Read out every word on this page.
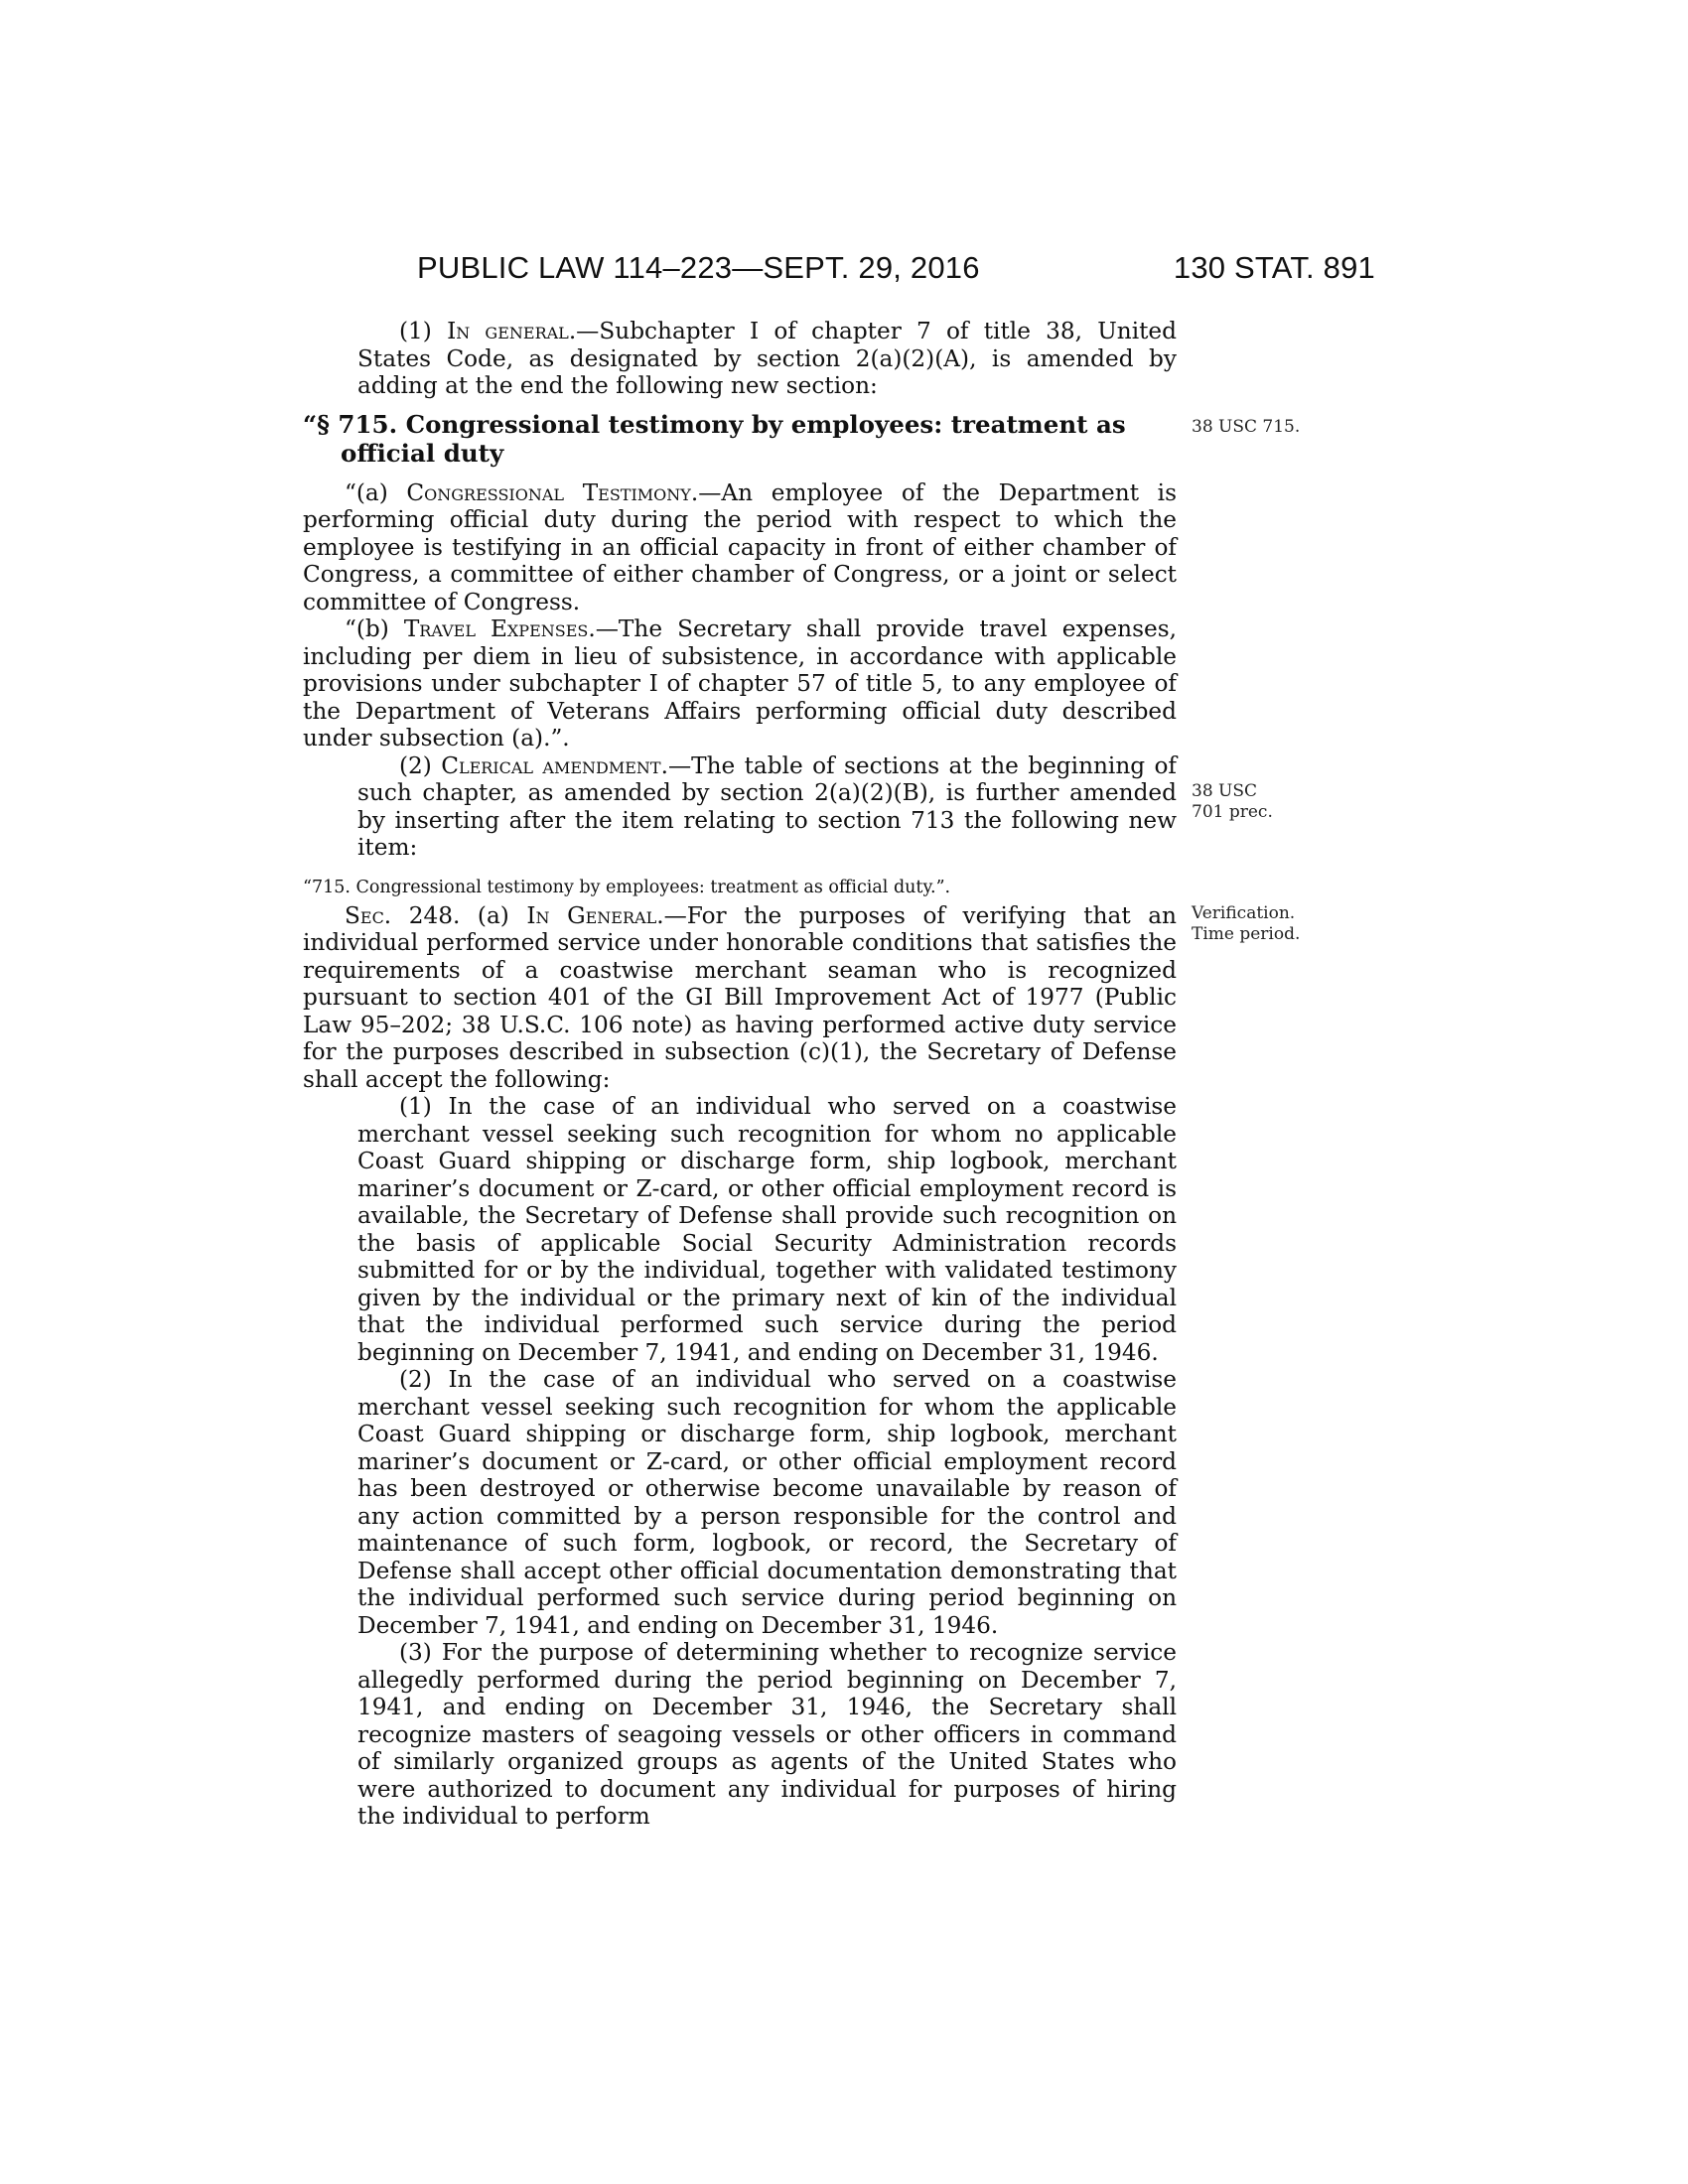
PUBLIC LAW 114–223—SEPT. 29, 2016	130 STAT. 891
38 USC 715.
38 USC
701 prec.
Verification.
Time period.

(1) In general.—Subchapter I of chapter 7 of title 38, United States Code, as designated by section 2(a)(2)(A), is amended by adding at the end the following new section:

“§ 715. Congressional testimony by employees: treatment as official duty

“(a) Congressional Testimony.—An employee of the Department is performing official duty during the period with respect to which the employee is testifying in an official capacity in front of either chamber of Congress, a committee of either chamber of Congress, or a joint or select committee of Congress.

“(b) Travel Expenses.—The Secretary shall provide travel expenses, including per diem in lieu of subsistence, in accordance with applicable provisions under subchapter I of chapter 57 of title 5, to any employee of the Department of Veterans Affairs performing official duty described under subsection (a).”.

(2) Clerical amendment.—The table of sections at the beginning of such chapter, as amended by section 2(a)(2)(B), is further amended by inserting after the item relating to section 713 the following new item:

“715. Congressional testimony by employees: treatment as official duty.”.

Sec. 248. (a) In General.—For the purposes of verifying that an individual performed service under honorable conditions that satisfies the requirements of a coastwise merchant seaman who is recognized pursuant to section 401 of the GI Bill Improvement Act of 1977 (Public Law 95–202; 38 U.S.C. 106 note) as having performed active duty service for the purposes described in subsection (c)(1), the Secretary of Defense shall accept the following:

(1) In the case of an individual who served on a coastwise merchant vessel seeking such recognition for whom no applicable Coast Guard shipping or discharge form, ship logbook, merchant mariner’s document or Z-card, or other official employment record is available, the Secretary of Defense shall provide such recognition on the basis of applicable Social Security Administration records submitted for or by the individual, together with validated testimony given by the individual or the primary next of kin of the individual that the individual performed such service during the period beginning on December 7, 1941, and ending on December 31, 1946.

(2) In the case of an individual who served on a coastwise merchant vessel seeking such recognition for whom the applicable Coast Guard shipping or discharge form, ship logbook, merchant mariner’s document or Z-card, or other official employment record has been destroyed or otherwise become unavailable by reason of any action committed by a person responsible for the control and maintenance of such form, logbook, or record, the Secretary of Defense shall accept other official documentation demonstrating that the individual performed such service during period beginning on December 7, 1941, and ending on December 31, 1946.

(3) For the purpose of determining whether to recognize service allegedly performed during the period beginning on December 7, 1941, and ending on December 31, 1946, the Secretary shall recognize masters of seagoing vessels or other officers in command of similarly organized groups as agents of the United States who were authorized to document any individual for purposes of hiring the individual to perform
